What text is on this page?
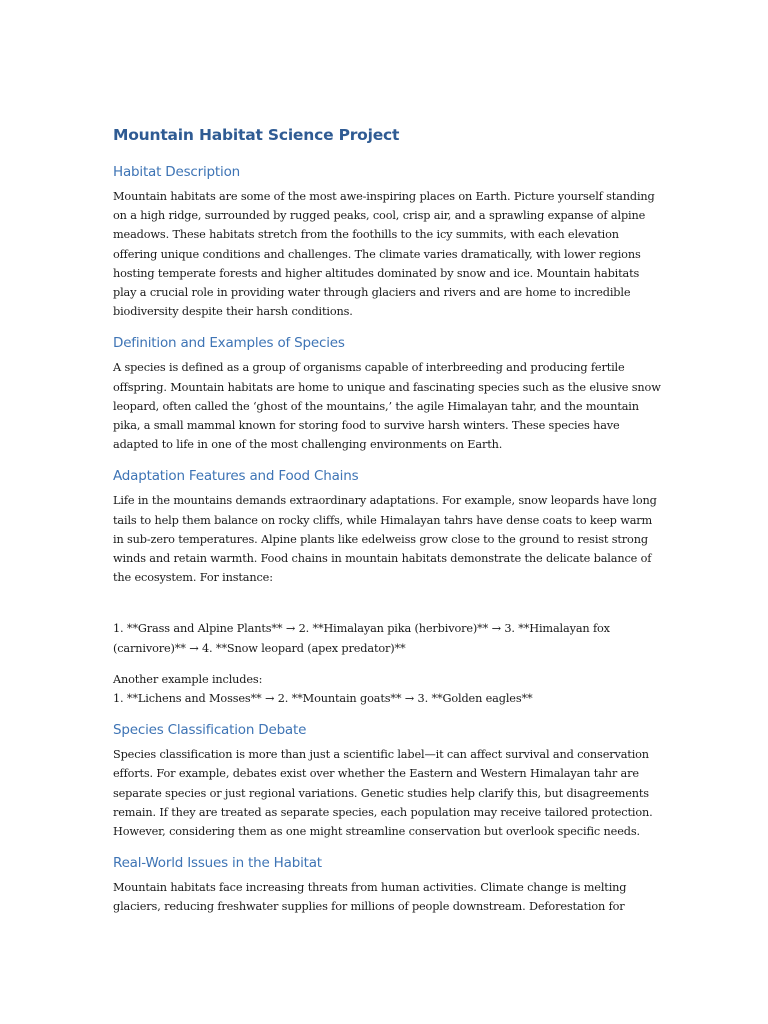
Mountain Habitat Science Project
Habitat Description

Mountain habitats are some of the most awe-inspiring places on Earth. Picture yourself standing on a high ridge, surrounded by rugged peaks, cool, crisp air, and a sprawling expanse of alpine meadows. These habitats stretch from the foothills to the icy summits, with each elevation offering unique conditions and challenges. The climate varies dramatically, with lower regions hosting temperate forests and higher altitudes dominated by snow and ice. Mountain habitats play a crucial role in providing water through glaciers and rivers and are home to incredible biodiversity despite their harsh conditions.

Definition and Examples of Species

A species is defined as a group of organisms capable of interbreeding and producing fertile offspring. Mountain habitats are home to unique and fascinating species such as the elusive snow leopard, often called the ‘ghost of the mountains,’ the agile Himalayan tahr, and the mountain pika, a small mammal known for storing food to survive harsh winters. These species have adapted to life in one of the most challenging environments on Earth.

Adaptation Features and Food Chains

Life in the mountains demands extraordinary adaptations. For example, snow leopards have long tails to help them balance on rocky cliffs, while Himalayan tahrs have dense coats to keep warm in sub-zero temperatures. Alpine plants like edelweiss grow close to the ground to resist strong winds and retain warmth. Food chains in mountain habitats demonstrate the delicate balance of the ecosystem. For instance:

1. **Grass and Alpine Plants** → 2. **Himalayan pika (herbivore)** → 3. **Himalayan fox (carnivore)** → 4. **Snow leopard (apex predator)**

Another example includes:

1. **Lichens and Mosses** → 2. **Mountain goats** → 3. **Golden eagles**

Species Classification Debate

Species classification is more than just a scientific label—it can affect survival and conservation efforts. For example, debates exist over whether the Eastern and Western Himalayan tahr are separate species or just regional variations. Genetic studies help clarify this, but disagreements remain. If they are treated as separate species, each population may receive tailored protection. However, considering them as one might streamline conservation but overlook specific needs.

Real-World Issues in the Habitat

Mountain habitats face increasing threats from human activities. Climate change is melting glaciers, reducing freshwater supplies for millions of people downstream. Deforestation for
